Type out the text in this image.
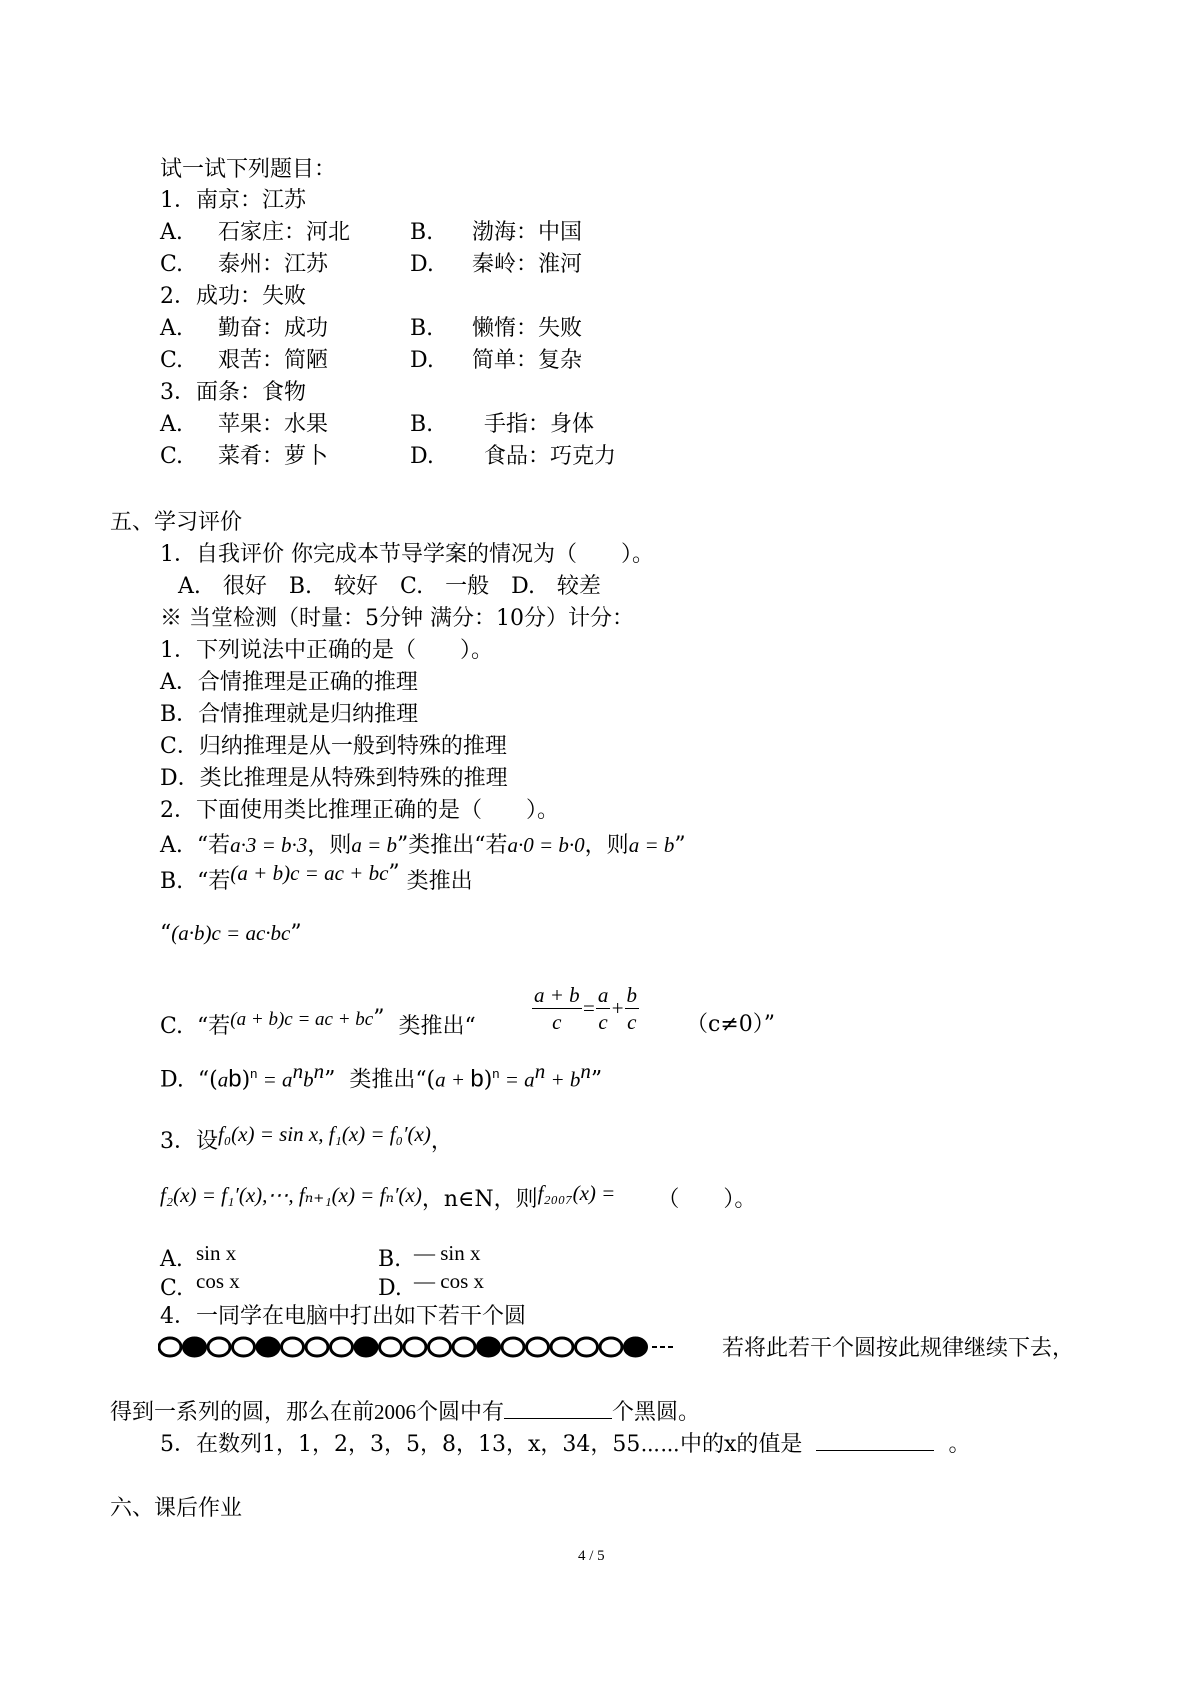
试一试下列题目：
1．南京：江苏
A. 石家庄：河北	B. 渤海：中国
C. 泰州：江苏	D. 秦岭：淮河
2．成功：失败
A. 勤奋：成功	B. 懒惰：失败
C. 艰苦：简陋	D. 简单：复杂
3．面条：食物
A. 苹果：水果	B. 手指：身体
C. 菜肴：萝卜	D. 食品：巧克力
五、学习评价
1．自我评价 你完成本节导学案的情况为（　　）。
A.　很好　B.　较好　C.　一般　D.　较差
※ 当堂检测（时量：5分钟 满分：10分）计分：
1．下列说法中正确的是（　　）。
A．合情推理是正确的推理
B．合情推理就是归纳推理
C．归纳推理是从一般到特殊的推理
D．类比推理是从特殊到特殊的推理
2．下面使用类比推理正确的是（　　）。
A. “若a·3 = b·3，则a = b”类推出“若a·0 = b·0，则a = b”
B. “若(a + b)c = ac + bc” 类推出
“(a·b)c = ac·bc”
C. “若(a + b)c = ac + bc” 类推出“	$\frac{a + b}{c} = \frac{a}{c} + \frac{b}{c} (c\ne 0)$”
D. “$(ab)^n = a^nb^n$” 类推出“$(a + b)^n = a^n + b^n$”
3．设f₀(x) = sin x, f₁(x) = f₀′(x)，
f₂(x) = f₁′(x),⋯, fₙ₊₁(x) = fₙ′(x)，n∈N，则f₂₀₀₇(x) = （　　）。
A. sin x	B. — sin x
C. cos x	D. — cos x
4．一同学在电脑中打出如下若干个圆
若将此若干个圆按此规律继续下去，
得到一系列的圆，那么在前2006个圆中有	个黑圆。
5．在数列1，1，2，3，5，8，13，x，34，55⋯⋯中的x的值是	。
六、课后作业
4 / 5
